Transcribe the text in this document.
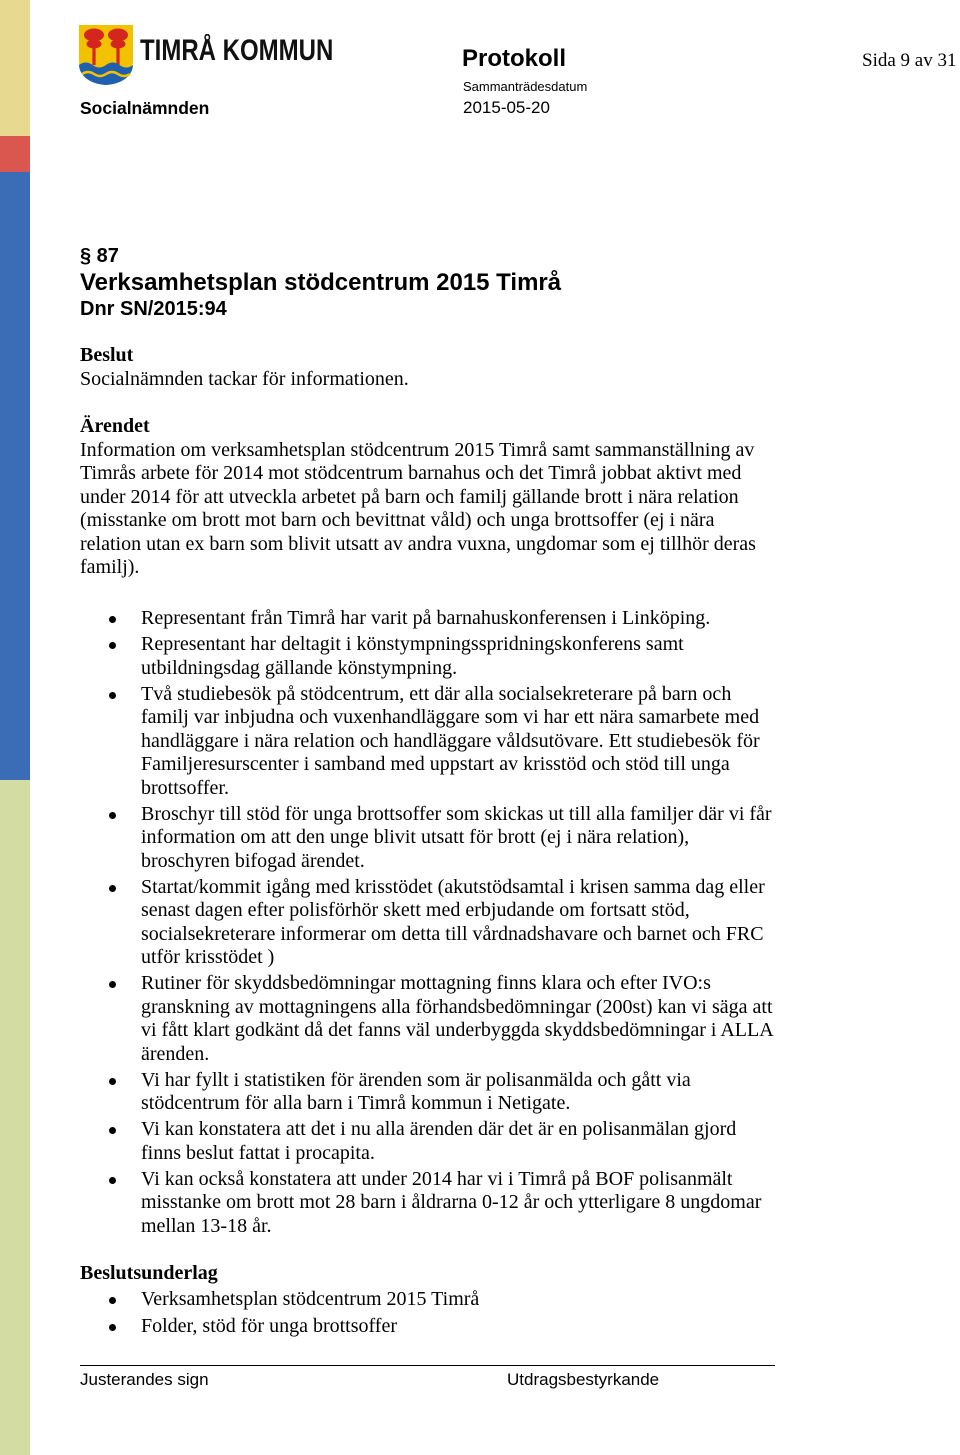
TIMRÅ KOMMUN	Protokoll	Sida 9 av 31
Sammanträdesdatum
Socialnämnden	2015-05-20
§ 87
Verksamhetsplan stödcentrum 2015 Timrå
Dnr SN/2015:94
Beslut
Socialnämnden tackar för informationen.
Ärendet
Information om verksamhetsplan stödcentrum 2015 Timrå samt sammanställning av
Timrås arbete för 2014 mot stödcentrum barnahus och det Timrå jobbat aktivt med
under 2014 för att utveckla arbetet på barn och familj gällande brott i nära relation
(misstanke om brott mot barn och bevittnat våld) och unga brottsoffer (ej i nära
relation utan ex barn som blivit utsatt av andra vuxna, ungdomar som ej tillhör deras
familj).
Representant från Timrå har varit på barnahuskonferensen i Linköping.
Representant har deltagit i könstympningsspridningskonferens samt
utbildningsdag gällande könstympning.
Två studiebesök på stödcentrum, ett där alla socialsekreterare på barn och
familj var inbjudna och vuxenhandläggare som vi har ett nära samarbete med
handläggare i nära relation och handläggare våldsutövare. Ett studiebesök för
Familjeresurscenter i samband med uppstart av krisstöd och stöd till unga
brottsoffer.
Broschyr till stöd för unga brottsoffer som skickas ut till alla familjer där vi får
information om att den unge blivit utsatt för brott (ej i nära relation),
broschyren bifogad ärendet.
Startat/kommit igång med krisstödet (akutstödsamtal i krisen samma dag eller
senast dagen efter polisförhör skett med erbjudande om fortsatt stöd,
socialsekreterare informerar om detta till vårdnadshavare och barnet och FRC
utför krisstödet )
Rutiner för skyddsbedömningar mottagning finns klara och efter IVO:s
granskning av mottagningens alla förhandsbedömningar (200st) kan vi säga att
vi fått klart godkänt då det fanns väl underbyggda skyddsbedömningar i ALLA
ärenden.
Vi har fyllt i statistiken för ärenden som är polisanmälda och gått via
stödcentrum för alla barn i Timrå kommun i Netigate.
Vi kan konstatera att det i nu alla ärenden där det är en polisanmälan gjord
finns beslut fattat i procapita.
Vi kan också konstatera att under 2014 har vi i Timrå på BOF polisanmält
misstanke om brott mot 28 barn i åldrarna 0-12 år och ytterligare 8 ungdomar
mellan 13-18 år.
Beslutsunderlag
Verksamhetsplan stödcentrum 2015 Timrå
Folder, stöd för unga brottsoffer
Justerandes sign	Utdragsbestyrkande
